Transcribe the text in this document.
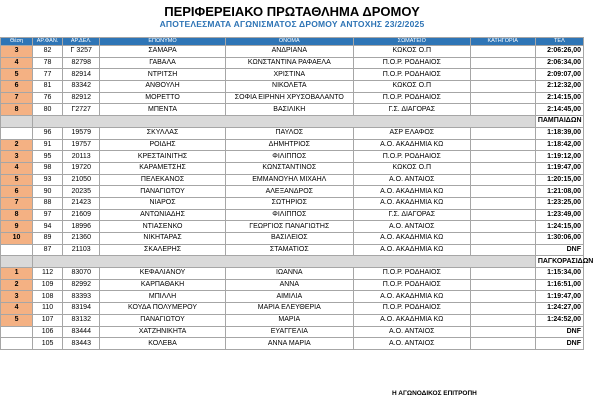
ΠΕΡΙΦΕΡΕΙΑΚΟ ΠΡΩΤΑΘΛΗΜΑ ΔΡΟΜΟΥ
ΑΠΟΤΕΛΕΣΜΑΤΑ ΑΓΩΝΙΣΜΑΤΟΣ ΔΡΟΜΟΥ ΑΝΤΟΧΗΣ 23/2/2025
Θέση	ΑΡ.ΦΑΝ.	ΑΡ.ΔΕΛ.	ΕΠΩΝΥΜΟ	ΟΝΟΜΑ	ΣΩΜΑΤΕΙΟ	ΚΑΤΗΓΟΡΙΑ	ΤΕΛ
3	82	Γ 3257	ΣΑΜΑΡΑ	ΑΝΔΡΙΑΝΑ	ΚΩΚΟΣ Ο.Π		2:06:26,00
4	78	82798	ΓΑΒΑΛΑ	ΚΩΝΣΤΑΝΤΙΝΑ ΡΑΦΑΕΛΑ	Π.Ο.Ρ. ΡΟΔΗΑΙΟΣ		2:06:34,00
5	77	82914	ΝΤΡΙΤΣΗ	ΧΡΙΣΤΙΝΑ	Π.Ο.Ρ. ΡΟΔΗΑΙΟΣ		2:09:07,00
6	81	83342	ΑΝΘΟΥΛΗ	ΝΙΚΟΛΕΤΑ	ΚΩΚΟΣ Ο.Π		2:12:32,00
7	76	82912	ΜΟΡΕΤΤΟ	ΣΟΦΙΑ ΕΙΡΗΝΗ ΧΡΥΣΟΒΑΛΑΝΤΟ	Π.Ο.Ρ. ΡΟΔΗΑΙΟΣ		2:14:15,00
8	80	Γ2727	ΜΠΕΝΤΑ	ΒΑΣΙΛΙΚΗ	Γ.Σ. ΔΙΑΓΟΡΑΣ		2:14:45,00
							ΠΑΜΠΑΙΔΩΝ
	96	19579	ΣΚΥΛΛΑΣ	ΠΑΥΛΟΣ	ΑΣΡ ΕΛΑΦΟΣ		1:18:39,00
2	91	19757	ΡΟΙΔΗΣ	ΔΗΜΗΤΡΙΟΣ	Α.Ο. ΑΚΑΔΗΜΙΑ ΚΩ		1:18:42,00
3	95	20113	ΚΡΕΣΤΑΙΝΙΤΗΣ	ΦΙΛΙΠΠΟΣ	Π.Ο.Ρ. ΡΟΔΗΑΙΟΣ		1:19:12,00
4	98	19720	ΚΑΡΑΜΕΤΣΗΣ	ΚΩΝΣΤΑΝΤΙΝΟΣ	ΚΩΚΟΣ Ο.Π		1:19:47,00
5	93	21050	ΠΕΛΕΚΑΝΟΣ	ΕΜΜΑΝΟΥΗΛ ΜΙΧΑΗΛ	Α.Ο. ΑΝΤΑΙΟΣ		1:20:15,00
6	90	20235	ΠΑΝΑΓΙΩΤΟΥ	ΑΛΕΞΑΝΔΡΟΣ	Α.Ο. ΑΚΑΔΗΜΙΑ ΚΩ		1:21:08,00
7	88	21423	ΝΙΑΡΟΣ	ΣΩΤΗΡΙΟΣ	Α.Ο. ΑΚΑΔΗΜΙΑ ΚΩ		1:23:25,00
8	97	21609	ΑΝΤΩΝΙΑΔΗΣ	ΦΙΛΙΠΠΟΣ	Γ.Σ. ΔΙΑΓΟΡΑΣ		1:23:49,00
9	94	18996	ΝΤΙΑΣΕΝΚΟ	ΓΕΩΡΓΙΟΣ ΠΑΝΑΓΙΩΤΗΣ	Α.Ο. ΑΝΤΑΙΟΣ		1:24:15,00
10	89	21360	ΝΙΚΗΤΑΡΑΣ	ΒΑΣΙΛΕΙΟΣ	Α.Ο. ΑΚΑΔΗΜΙΑ ΚΩ		1:30:06,00
	87	21103	ΣΚΑΛΕΡΗΣ	ΣΤΑΜΑΤΙΟΣ	Α.Ο. ΑΚΑΔΗΜΙΑ ΚΩ		DNF
							ΠΑΓΚΟΡΑΣΙΔΩΝ
1	112	83070	ΚΕΦΑΛΙΑΝΟΥ	ΙΩΑΝΝΑ	Π.Ο.Ρ. ΡΟΔΗΑΙΟΣ		1:15:34,00
2	109	82992	ΚΑΡΠΑΘΑΚΗ	ΑΝΝΑ	Π.Ο.Ρ. ΡΟΔΗΑΙΟΣ		1:16:51,00
3	108	83393	ΜΠΙΛΛΗ	ΑΙΜΙΛΙΑ	Α.Ο. ΑΚΑΔΗΜΙΑ ΚΩ		1:19:47,00
4	110	83194	ΚΟΥΔΑ ΠΟΛΥΜΕΡΟΥ	ΜΑΡΙΑ ΕΛΕΥΘΕΡΙΑ	Π.Ο.Ρ. ΡΟΔΗΑΙΟΣ		1:24:27,00
5	107	83132	ΠΑΝΑΓΙΩΤΟΥ	ΜΑΡΙΑ	Α.Ο. ΑΚΑΔΗΜΙΑ ΚΩ		1:24:52,00
	106	83444	ΧΑΤΖΗΝΙΚΗΤΑ	ΕΥΑΓΓΕΛΙΑ	Α.Ο. ΑΝΤΑΙΟΣ		DNF
	105	83443	ΚΟΛΕΒΑ	ΑΝΝΑ ΜΑΡΙΑ	Α.Ο. ΑΝΤΑΙΟΣ		DNF
Η ΑΓΩΝΟΔΙΚΟΣ ΕΠΙΤΡΟΠΗ
